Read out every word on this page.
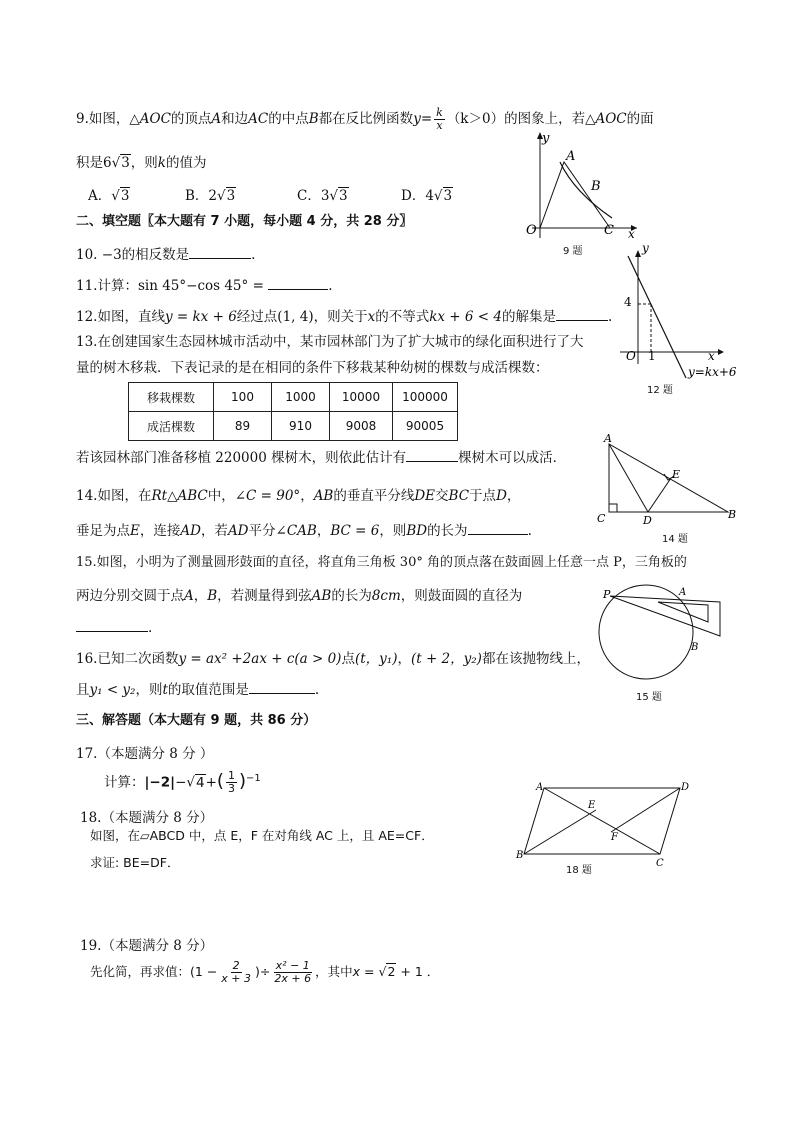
9.如图，△AOC的顶点A和边AC的中点B都在反比例函数$y= \frac{k}{x} (k>0)$的图象上，若△AOC的面
积是6√3，则k的值为
A．√3	B．2√3	C．3√3	D．4√3
y
A
B
O	C x
9 题
二、填空题〖本大题有 7 小题，每小题 4 分，共 28 分〗
10. −3的相反数是	.
11.计算：sin 45°−cos 45° =	.
12.如图，直线y = kx + 6经过点(1, 4)，则关于x的不等式kx + 6 < 4的解集是	.
y
4
O 1	x
y=kx+6
12 题
13.在创建国家生态园林城市活动中，某市园林部门为了扩大城市的绿化面积进行了大
量的树木移栽．下表记录的是在相同的条件下移栽某种幼树的棵数与成活棵数：
移栽棵数	100	1000	10000	100000
成活棵数	89	910	9008	90005
若该园林部门准备移植 220000 棵树木，则依此估计有	棵树木可以成活．
A
E
C	D	B
14 题
14.如图，在Rt△ABC中，∠C = 90°，AB的垂直平分线DE交BC于点D，
垂足为点E，连接AD，若AD平分∠CAB，BC = 6，则BD的长为	.
15.如图，小明为了测量圆形鼓面的直径，将直角三角板 30° 角的顶点落在鼓面圆上任意一点 P，三角板的
两边分别交圆于点A，B，若测量得到弦AB的长为8cm，则鼓面圆的直径为
.
P	A
B
15 题
16.已知二次函数y = ax² +2ax + c(a > 0)点(t，y₁)，(t + 2，y₂)都在该抛物线上，
且y₁ < y₂，则t的取值范围是	.
三、解答题（本大题有 9 题，共 86 分）
17.（本题满分 8 分 ）
计算：$|-2|-√4+( \frac{1}{3} )^{-1}$
18.（本题满分 8 分）
如图，在▱ABCD 中，点 E，F 在对角线 AC 上，且 AE=CF．
求证: BE=DF．
A	D
E
F
B
C
18 题
19.（本题满分 8 分）
先化简，再求值：($1 - \frac{2}{x + 3}$ )÷ $\frac{\text{x² − 1}}{2x + 6}$ ，其中x = √2 + 1 ．
